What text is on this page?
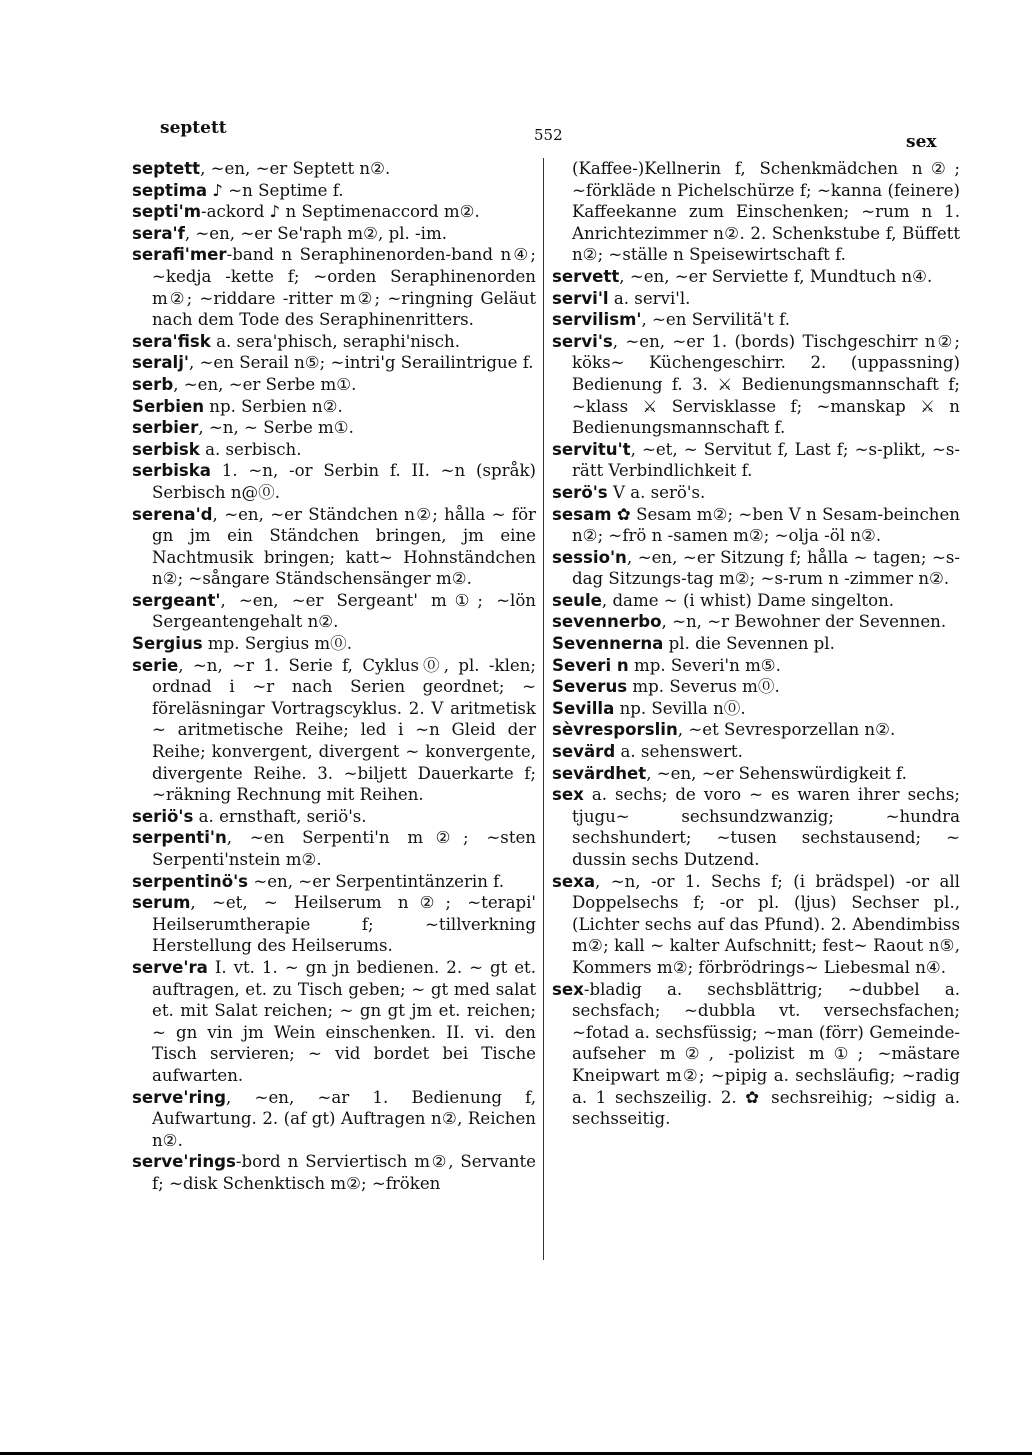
septett	552	sex

septett, ~en, ~er Septett n②.

septima ♪ ~n Septime f.

septi'm-ackord ♪ n Septimenaccord m②.

sera'f, ~en, ~er Se'raph m②, pl. -im.

serafi'mer-band n Seraphinenorden-band n④; ~kedja -kette f; ~orden Seraphinenorden m②; ~riddare -ritter m②; ~ringning Geläut nach dem Tode des Seraphinenritters.

sera'fisk a. sera'phisch, seraphi'nisch.

seralj', ~en Serail n⑤; ~intri'g Serailintrigue f.

serb, ~en, ~er Serbe m①.

Serbien np. Serbien n②.

serbier, ~n, ~ Serbe m①.

serbisk a. serbisch.

serbiska 1. ~n, -or Serbin f. II. ~n (språk) Serbisch n@⓪.

serena'd, ~en, ~er Ständchen n②; hålla ~ för gn jm ein Ständchen bringen, jm eine Nachtmusik bringen; katt~ Hohnständchen n②; ~sångare Ständschensänger m②.

sergeant', ~en, ~er Sergeant' m①; ~lön Sergeantengehalt n②.

Sergius mp. Sergius m⓪.

serie, ~n, ~r 1. Serie f, Cyklus⓪, pl. -klen; ordnad i ~r nach Serien geordnet; ~ föreläsningar Vortragscyklus. 2. V aritmetisk ~ aritmetische Reihe; led i ~n Gleid der Reihe; konvergent, divergent ~ konvergente, divergente Reihe. 3. ~biljett Dauerkarte f; ~räkning Rechnung mit Reihen.

seriö's a. ernsthaft, seriö's.

serpenti'n, ~en Serpenti'n m②; ~sten Serpenti'nstein m②.

serpentinö's ~en, ~er Serpentintänzerin f.

serum, ~et, ~ Heilserum n②; ~terapi' Heilserumtherapie f; ~tillverkning Herstellung des Heilserums.

serve'ra I. vt. 1. ~ gn jn bedienen. 2. ~ gt et. auftragen, et. zu Tisch geben; ~ gt med salat et. mit Salat reichen; ~ gn gt jm et. reichen; ~ gn vin jm Wein einschenken. II. vi. den Tisch servieren; ~ vid bordet bei Tische aufwarten.

serve'ring, ~en, ~ar 1. Bedienung f, Aufwartung. 2. (af gt) Auftragen n②, Reichen n②.

serve'rings-bord n Serviertisch m②, Servante f; ~disk Schenktisch m②; ~fröken

(Kaffee-)Kellnerin f, Schenkmädchen n②; ~förkläde n Pichelschürze f; ~kanna (feinere) Kaffeekanne zum Einschenken; ~rum n 1. Anrichtezimmer n②. 2. Schenkstube f, Büffett n②; ~ställe n Speisewirtschaft f.

servett, ~en, ~er Serviette f, Mundtuch n④.

servi'l a. servi'l.

servilism', ~en Servilitä't f.

servi's, ~en, ~er 1. (bords) Tischgeschirr n②; köks~ Küchengeschirr. 2. (uppassning) Bedienung f. 3. ⚔ Bedienungsmannschaft f; ~klass ⚔ Servisklasse f; ~manskap ⚔ n Bedienungsmannschaft f.

servitu't, ~et, ~ Servitut f, Last f; ~s-plikt, ~s-rätt Verbindlichkeit f.

serö's V a. serö's.

sesam ✿ Sesam m②; ~ben V n Sesam-beinchen n②; ~frö n -samen m②; ~olja -öl n②.

sessio'n, ~en, ~er Sitzung f; hålla ~ tagen; ~s-dag Sitzungs-tag m②; ~s-rum n -zimmer n②.

seule, dame ~ (i whist) Dame singelton.

sevennerbo, ~n, ~r Bewohner der Sevennen.

Sevennerna pl. die Sevennen pl.

Severi n mp. Severi'n m⑤.

Severus mp. Severus m⓪.

Sevilla np. Sevilla n⓪.

sèvresporslin, ~et Sevresporzellan n②.

sevärd a. sehenswert.

sevärdhet, ~en, ~er Sehenswürdigkeit f.

sex a. sechs; de voro ~ es waren ihrer sechs; tjugu~ sechsundzwanzig; ~hundra sechshundert; ~tusen sechstausend; ~ dussin sechs Dutzend.

sexa, ~n, -or 1. Sechs f; (i brädspel) -or all Doppelsechs f; -or pl. (ljus) Sechser pl., (Lichter sechs auf das Pfund). 2. Abendimbiss m②; kall ~ kalter Aufschnitt; fest~ Raout n⑤, Kommers m②; förbrödrings~ Liebesmal n④.

sex-bladig a. sechsblättrig; ~dubbel a. sechsfach; ~dubbla vt. versechsfachen; ~fotad a. sechsfüssig; ~man (förr) Gemeinde-aufseher m②, -polizist m①; ~mästare Kneipwart m②; ~pipig a. sechsläufig; ~radig a. 1 sechszeilig. 2. ✿ sechsreihig; ~sidig a. sechsseitig.
